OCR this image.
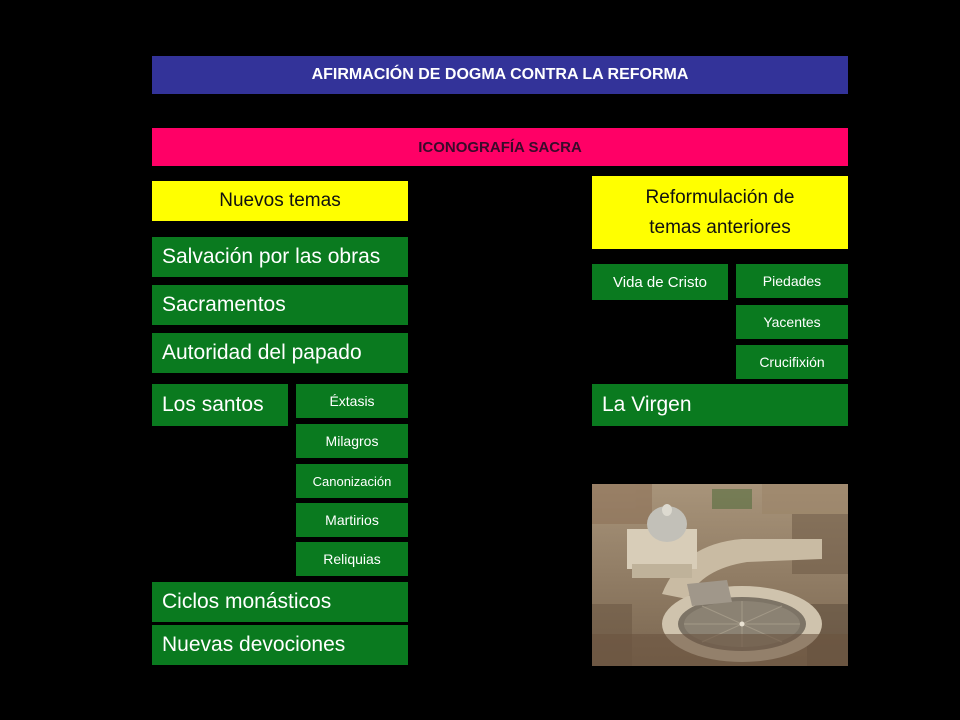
AFIRMACIÓN DE DOGMA CONTRA LA REFORMA
ICONOGRAFÍA SACRA
Nuevos temas
Salvación por las obras
Sacramentos
Autoridad del papado
Los santos	Éxtasis
Milagros
Canonización
Martirios
Reliquias
Ciclos monásticos
Nuevas devociones
Reformulación de
temas anteriores
Vida de Cristo	Piedades
Yacentes
Crucifixión
La Virgen
